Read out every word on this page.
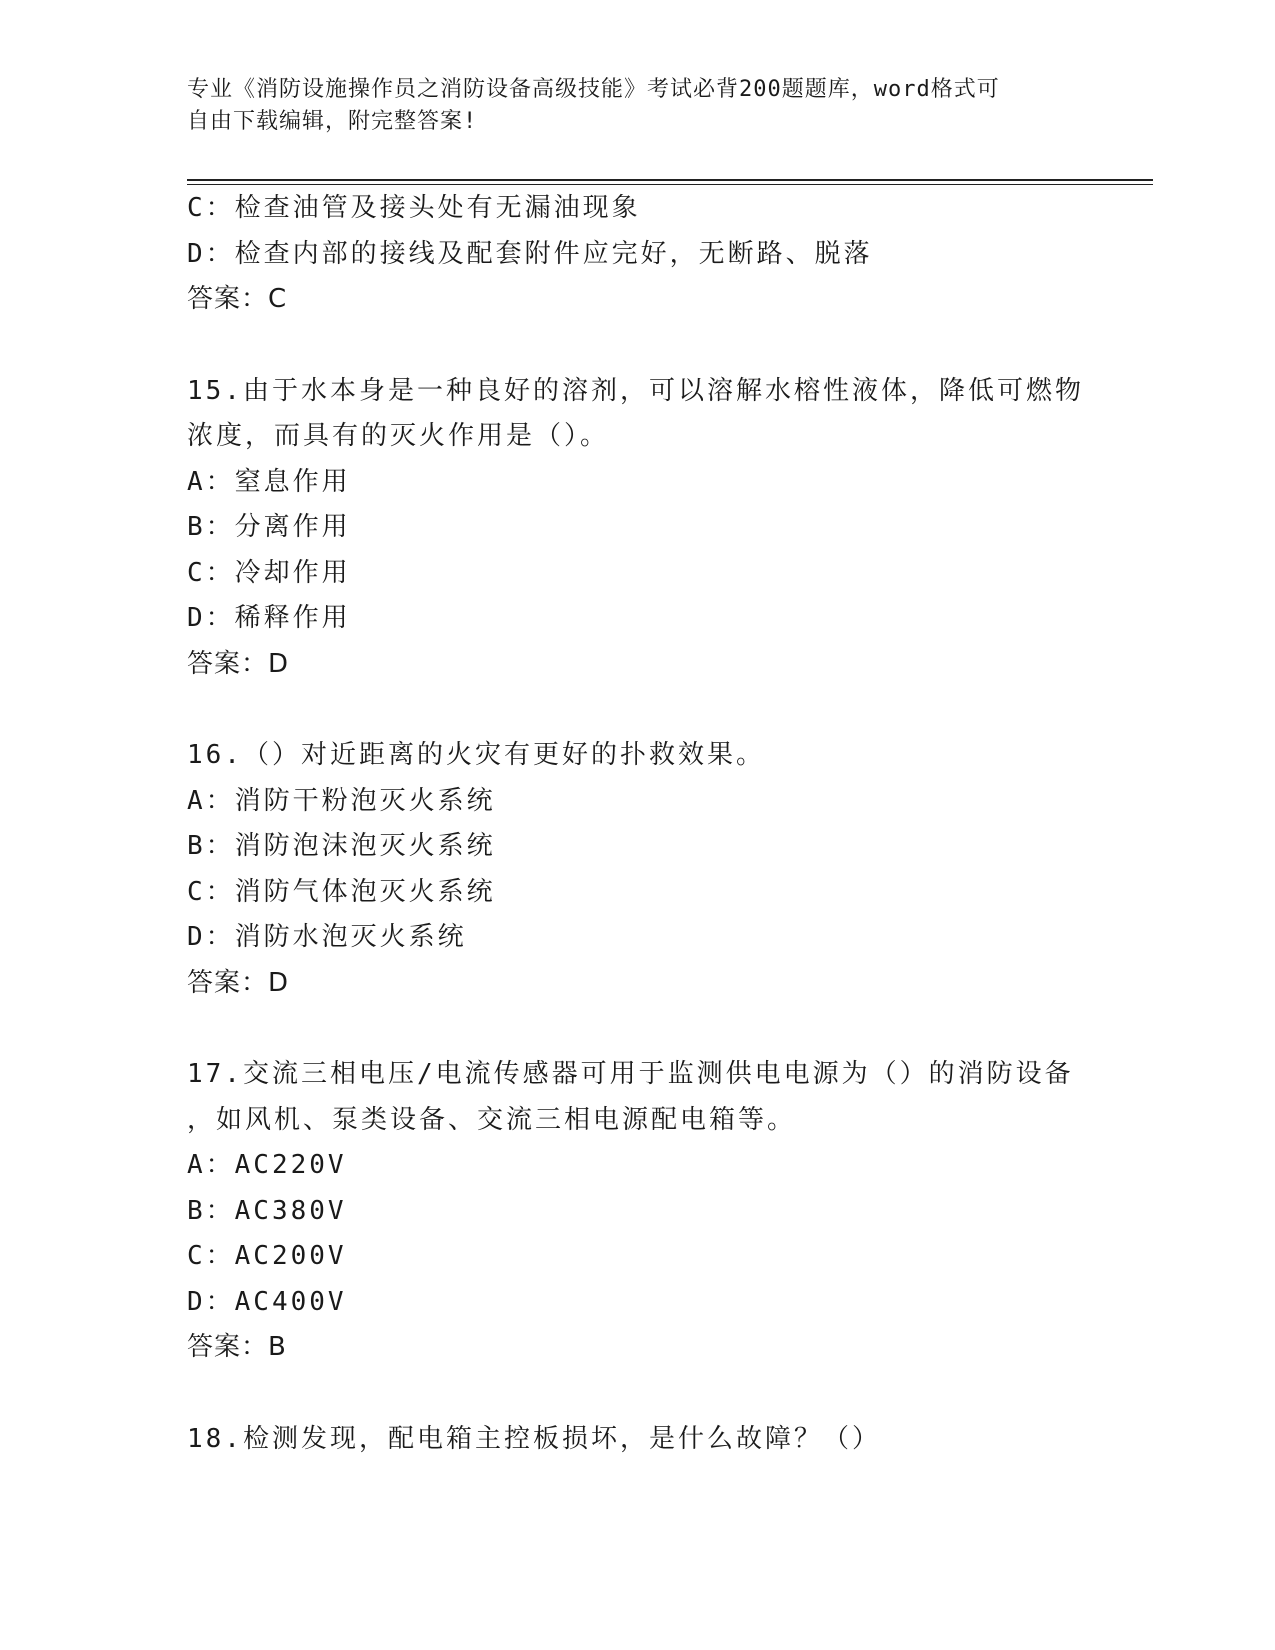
专业《消防设施操作员之消防设备高级技能》考试必背200题题库，word格式可
自由下载编辑，附完整答案!
C：检查油管及接头处有无漏油现象
D：检查内部的接线及配套附件应完好，无断路、脱落
答案：C
15.由于水本身是一种良好的溶剂，可以溶解水榕性液体，降低可燃物
浓度，而具有的灭火作用是（）。
A：窒息作用
B：分离作用
C：冷却作用
D：稀释作用
答案：D
16.（）对近距离的火灾有更好的扑救效果。
A：消防干粉泡灭火系统
B：消防泡沫泡灭火系统
C：消防气体泡灭火系统
D：消防水泡灭火系统
答案：D
17.交流三相电压/电流传感器可用于监测供电电源为（）的消防设备
，如风机、泵类设备、交流三相电源配电箱等。
A：AC220V
B：AC380V
C：AC200V
D：AC400V
答案：B
18.检测发现，配电箱主控板损坏，是什么故障？（）
